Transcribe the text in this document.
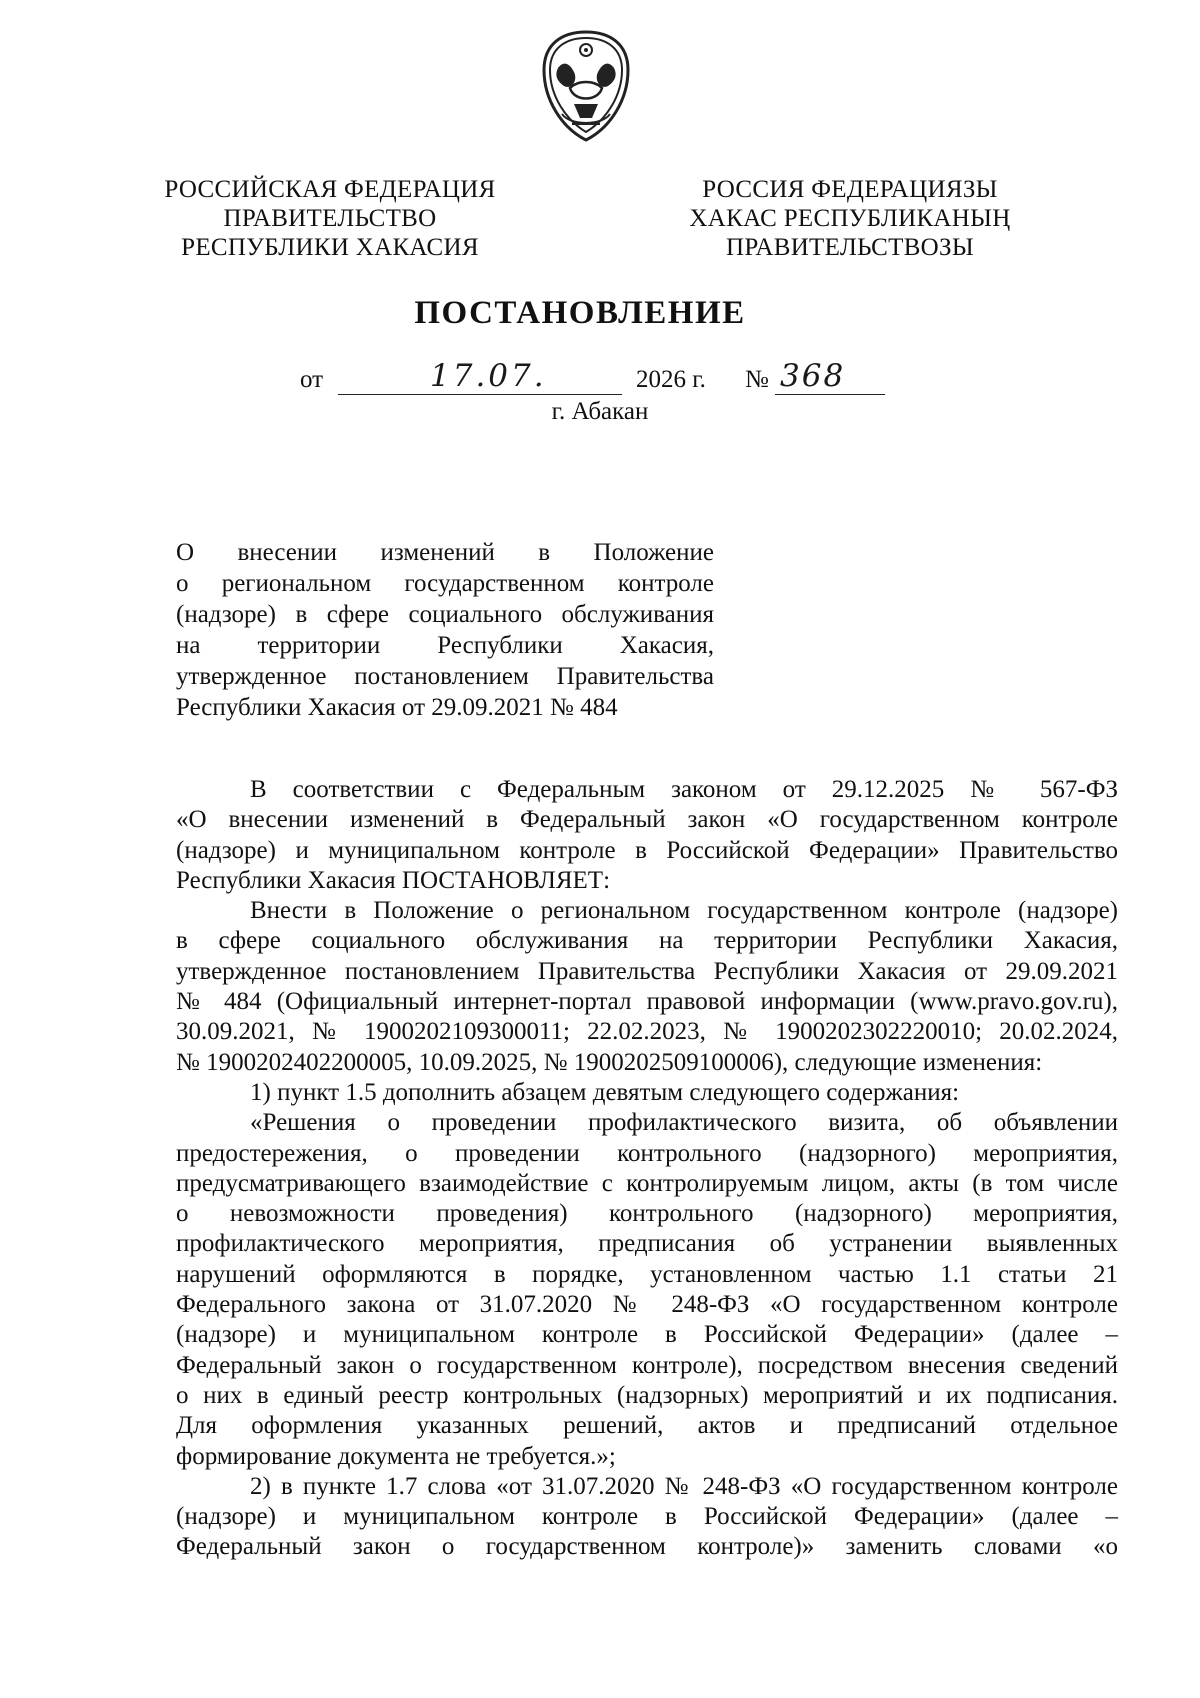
РОССИЙСКАЯ ФЕДЕРАЦИЯ
ПРАВИТЕЛЬСТВО
РЕСПУБЛИКИ ХАКАСИЯ
РОССИЯ ФЕДЕРАЦИЯЗЫ
ХАКАС РЕСПУБЛИКАНЫҢ
ПРАВИТЕЛЬСТВОЗЫ
ПОСТАНОВЛЕНИЕ
от	17.07.	2026 г. № 368
г. Абакан
О внесении изменений в Положение
о региональном государственном контроле
(надзоре) в сфере социального обслуживания
на территории Республики Хакасия,
утвержденное постановлением Правительства
Республики Хакасия от 29.09.2021 № 484
В соответствии с Федеральным законом от 29.12.2025 № 567-ФЗ
«О внесении изменений в Федеральный закон «О государственном контроле
(надзоре) и муниципальном контроле в Российской Федерации» Правительство
Республики Хакасия ПОСТАНОВЛЯЕТ:
Внести в Положение о региональном государственном контроле (надзоре)
в сфере социального обслуживания на территории Республики Хакасия,
утвержденное постановлением Правительства Республики Хакасия от 29.09.2021
№ 484 (Официальный интернет-портал правовой информации (www.pravo.gov.ru),
30.09.2021, № 1900202109300011; 22.02.2023, № 1900202302220010; 20.02.2024,
№ 1900202402200005, 10.09.2025, № 1900202509100006), следующие изменения:
1) пункт 1.5 дополнить абзацем девятым следующего содержания:
«Решения о проведении профилактического визита, об объявлении
предостережения, о проведении контрольного (надзорного) мероприятия,
предусматривающего взаимодействие с контролируемым лицом, акты (в том числе
о невозможности проведения) контрольного (надзорного) мероприятия,
профилактического мероприятия, предписания об устранении выявленных
нарушений оформляются в порядке, установленном частью 1.1 статьи 21
Федерального закона от 31.07.2020 № 248-ФЗ «О государственном контроле
(надзоре) и муниципальном контроле в Российской Федерации» (далее –
Федеральный закон о государственном контроле), посредством внесения сведений
о них в единый реестр контрольных (надзорных) мероприятий и их подписания.
Для оформления указанных решений, актов и предписаний отдельное
формирование документа не требуется.»;
2) в пункте 1.7 слова «от 31.07.2020 № 248-ФЗ «О государственном контроле
(надзоре) и муниципальном контроле в Российской Федерации» (далее –
Федеральный закон о государственном контроле)» заменить словами «о
